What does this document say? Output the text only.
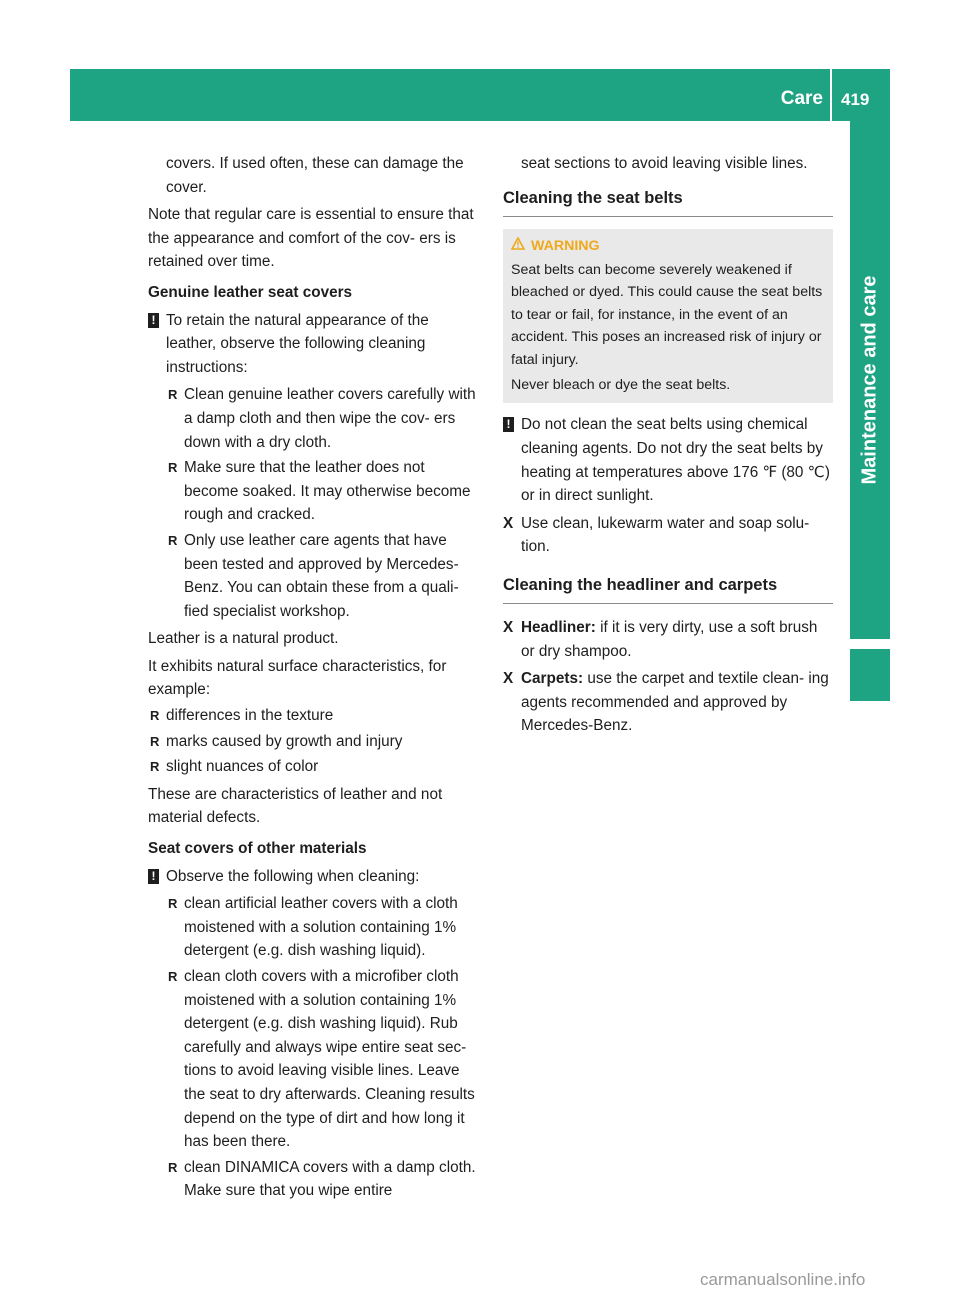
Care 419
Maintenance and care

covers. If used often, these can damage the cover.

Note that regular care is essential to ensure that the appearance and comfort of the cov- ers is retained over time.

Genuine leather seat covers

! To retain the natural appearance of the leather, observe the following cleaning instructions:
R Clean genuine leather covers carefully with a damp cloth and then wipe the cov- ers down with a dry cloth.
R Make sure that the leather does not become soaked. It may otherwise become rough and cracked.
R Only use leather care agents that have been tested and approved by Mercedes- Benz. You can obtain these from a quali- fied specialist workshop.

Leather is a natural product.

It exhibits natural surface characteristics, for example:

R differences in the texture
R marks caused by growth and injury
R slight nuances of color

These are characteristics of leather and not material defects.

Seat covers of other materials

! Observe the following when cleaning:
R clean artificial leather covers with a cloth moistened with a solution containing 1% detergent (e.g. dish washing liquid).
R clean cloth covers with a microfiber cloth moistened with a solution containing 1% detergent (e.g. dish washing liquid). Rub carefully and always wipe entire seat sec- tions to avoid leaving visible lines. Leave the seat to dry afterwards. Cleaning results depend on the type of dirt and how long it has been there.
R clean DINAMICA covers with a damp cloth. Make sure that you wipe entire

seat sections to avoid leaving visible lines.

Cleaning the seat belts
WARNING

Seat belts can become severely weakened if bleached or dyed. This could cause the seat belts to tear or fail, for instance, in the event of an accident. This poses an increased risk of injury or fatal injury.

Never bleach or dye the seat belts.

! Do not clean the seat belts using chemical cleaning agents. Do not dry the seat belts by heating at temperatures above 176 ℉ (80 ℃) or in direct sunlight.
X Use clean, lukewarm water and soap solu- tion.
Cleaning the headliner and carpets
X Headliner: if it is very dirty, use a soft brush or dry shampoo.
X Carpets: use the carpet and textile clean- ing agents recommended and approved by Mercedes-Benz.
carmanualsonline.info
